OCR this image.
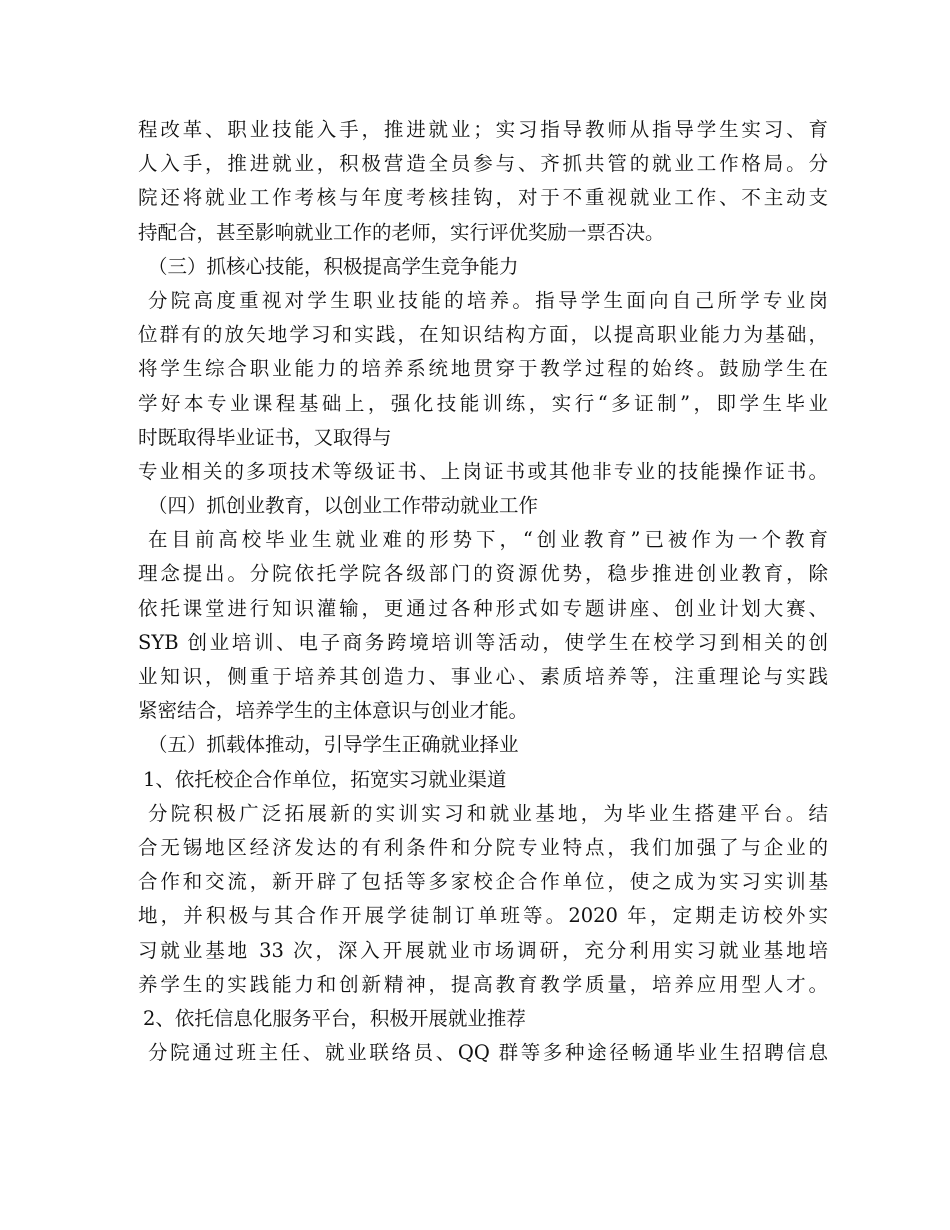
程改革、职业技能入手，推进就业；实习指导教师从指导学生实习、育
人入手，推进就业，积极营造全员参与、齐抓共管的就业工作格局。分
院还将就业工作考核与年度考核挂钩，对于不重视就业工作、不主动支
持配合，甚至影响就业工作的老师，实行评优奖励一票否决。
（三）抓核心技能，积极提高学生竞争能力
分院高度重视对学生职业技能的培养。指导学生面向自己所学专业岗
位群有的放矢地学习和实践，在知识结构方面，以提高职业能力为基础，
将学生综合职业能力的培养系统地贯穿于教学过程的始终。鼓励学生在
学好本专业课程基础上，强化技能训练，实行“多证制”，即学生毕业
时既取得毕业证书，又取得与
专业相关的多项技术等级证书、上岗证书或其他非专业的技能操作证书。
（四）抓创业教育，以创业工作带动就业工作
在目前高校毕业生就业难的形势下，“创业教育”已被作为一个教育
理念提出。分院依托学院各级部门的资源优势，稳步推进创业教育，除
依托课堂进行知识灌输，更通过各种形式如专题讲座、创业计划大赛、
SYB 创业培训、电子商务跨境培训等活动，使学生在校学习到相关的创
业知识，侧重于培养其创造力、事业心、素质培养等，注重理论与实践
紧密结合，培养学生的主体意识与创业才能。
（五）抓载体推动，引导学生正确就业择业
1、依托校企合作单位，拓宽实习就业渠道
分院积极广泛拓展新的实训实习和就业基地，为毕业生搭建平台。结
合无锡地区经济发达的有利条件和分院专业特点，我们加强了与企业的
合作和交流，新开辟了包括等多家校企合作单位，使之成为实习实训基
地，并积极与其合作开展学徒制订单班等。2020 年，定期走访校外实
习就业基地 33 次，深入开展就业市场调研，充分利用实习就业基地培
养学生的实践能力和创新精神，提高教育教学质量，培养应用型人才。
2、依托信息化服务平台，积极开展就业推荐
分院通过班主任、就业联络员、QQ 群等多种途径畅通毕业生招聘信息
